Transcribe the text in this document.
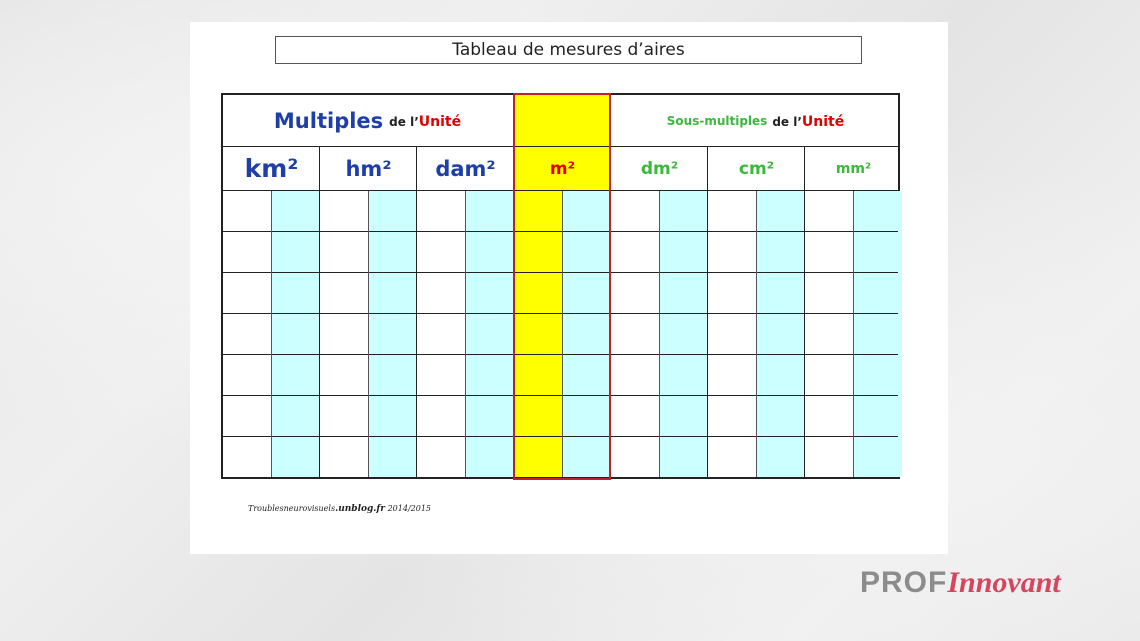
Tableau de mesures d’aires
Multiples de l’Unité	Sous-multiples de l’Unité
km²	hm²	dam²	m²	dm²	cm²	mm²
Troublesneurovisuels.unblog.fr 2014/2015
PROF Innovant
